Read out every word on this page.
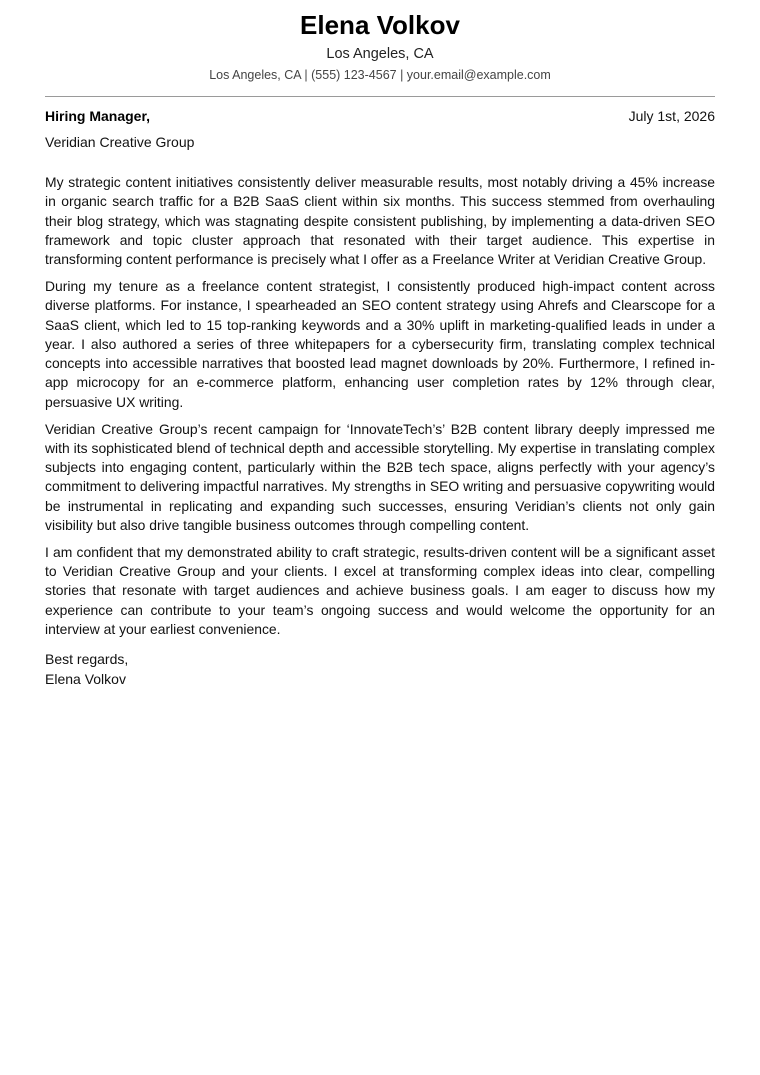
Elena Volkov
Los Angeles, CA
Los Angeles, CA | (555) 123-4567 | your.email@example.com
Hiring Manager,	July 1st, 2026
Veridian Creative Group

My strategic content initiatives consistently deliver measurable results, most notably driving a 45% increase in organic search traffic for a B2B SaaS client within six months. This success stemmed from overhauling their blog strategy, which was stagnating despite consistent publishing, by implementing a data-driven SEO framework and topic cluster approach that resonated with their target audience. This expertise in transforming content performance is precisely what I offer as a Freelance Writer at Veridian Creative Group.

During my tenure as a freelance content strategist, I consistently produced high-impact content across diverse platforms. For instance, I spearheaded an SEO content strategy using Ahrefs and Clearscope for a SaaS client, which led to 15 top-ranking keywords and a 30% uplift in marketing-qualified leads in under a year. I also authored a series of three whitepapers for a cybersecurity firm, translating complex technical concepts into accessible narratives that boosted lead magnet downloads by 20%. Furthermore, I refined in-app microcopy for an e-commerce platform, enhancing user completion rates by 12% through clear, persuasive UX writing.

Veridian Creative Group’s recent campaign for ‘InnovateTech’s’ B2B content library deeply impressed me with its sophisticated blend of technical depth and accessible storytelling. My expertise in translating complex subjects into engaging content, particularly within the B2B tech space, aligns perfectly with your agency’s commitment to delivering impactful narratives. My strengths in SEO writing and persuasive copywriting would be instrumental in replicating and expanding such successes, ensuring Veridian’s clients not only gain visibility but also drive tangible business outcomes through compelling content.

I am confident that my demonstrated ability to craft strategic, results-driven content will be a significant asset to Veridian Creative Group and your clients. I excel at transforming complex ideas into clear, compelling stories that resonate with target audiences and achieve business goals. I am eager to discuss how my experience can contribute to your team’s ongoing success and would welcome the opportunity for an interview at your earliest convenience.

Best regards,
Elena Volkov
